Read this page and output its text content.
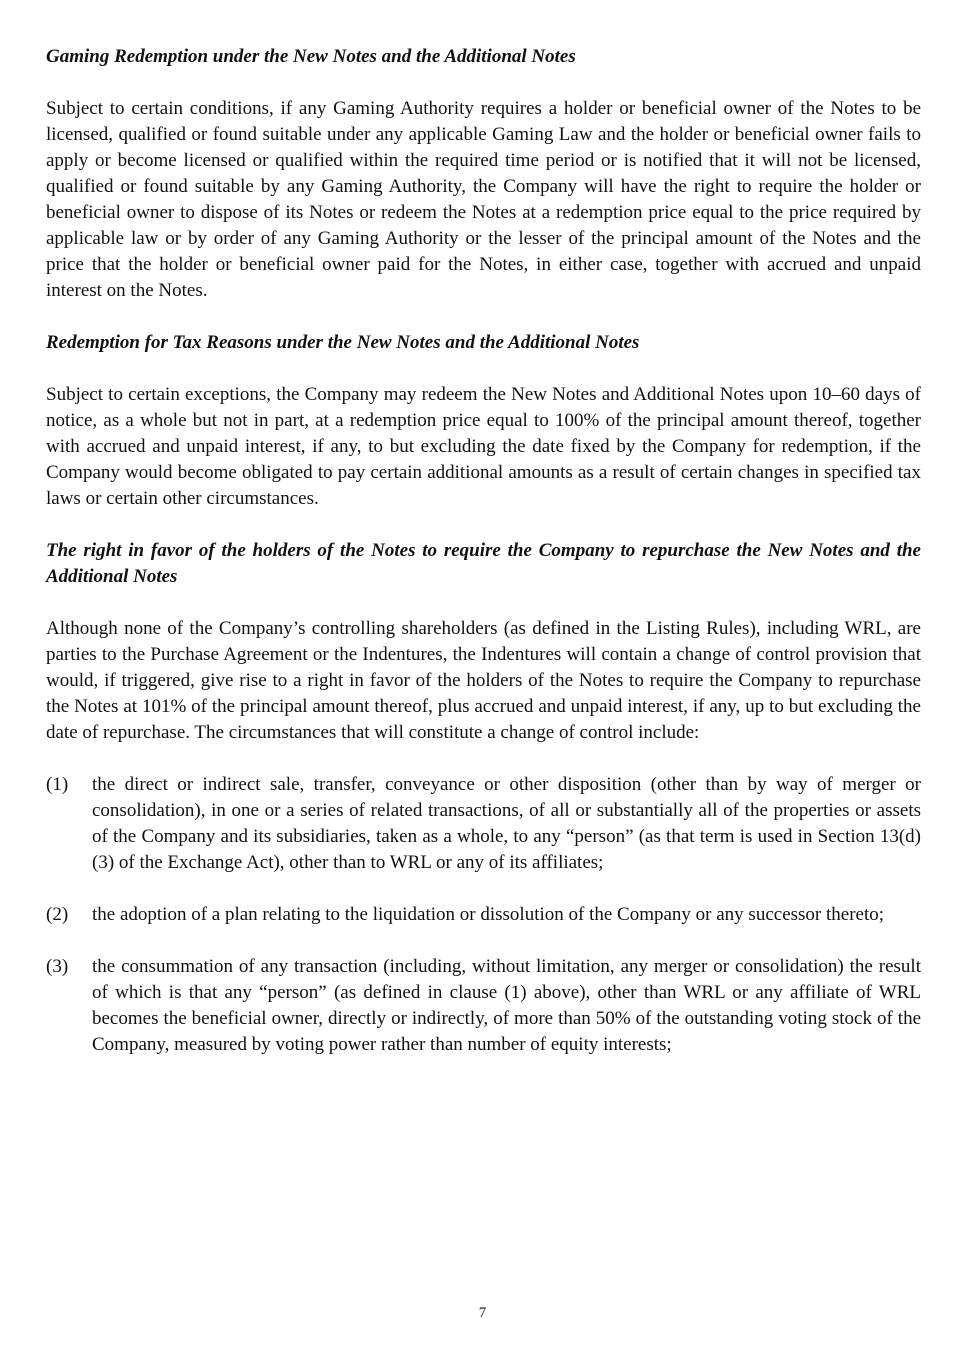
Gaming Redemption under the New Notes and the Additional Notes

Subject to certain conditions, if any Gaming Authority requires a holder or beneficial owner of the Notes to be licensed, qualified or found suitable under any applicable Gaming Law and the holder or beneficial owner fails to apply or become licensed or qualified within the required time period or is notified that it will not be licensed, qualified or found suitable by any Gaming Authority, the Company will have the right to require the holder or beneficial owner to dispose of its Notes or redeem the Notes at a redemption price equal to the price required by applicable law or by order of any Gaming Authority or the lesser of the principal amount of the Notes and the price that the holder or beneficial owner paid for the Notes, in either case, together with accrued and unpaid interest on the Notes.

Redemption for Tax Reasons under the New Notes and the Additional Notes

Subject to certain exceptions, the Company may redeem the New Notes and Additional Notes upon 10–60 days of notice, as a whole but not in part, at a redemption price equal to 100% of the principal amount thereof, together with accrued and unpaid interest, if any, to but excluding the date fixed by the Company for redemption, if the Company would become obligated to pay certain additional amounts as a result of certain changes in specified tax laws or certain other circumstances.

The right in favor of the holders of the Notes to require the Company to repurchase the New Notes and the Additional Notes

Although none of the Company’s controlling shareholders (as defined in the Listing Rules), including WRL, are parties to the Purchase Agreement or the Indentures, the Indentures will contain a change of control provision that would, if triggered, give rise to a right in favor of the holders of the Notes to require the Company to repurchase the Notes at 101% of the principal amount thereof, plus accrued and unpaid interest, if any, up to but excluding the date of repurchase. The circumstances that will constitute a change of control include:

(1)	the direct or indirect sale, transfer, conveyance or other disposition (other than by way of merger or consolidation), in one or a series of related transactions, of all or substantially all of the properties or assets of the Company and its subsidiaries, taken as a whole, to any “person” (as that term is used in Section 13(d)(3) of the Exchange Act), other than to WRL or any of its affiliates;
(2)	the adoption of a plan relating to the liquidation or dissolution of the Company or any successor thereto;
(3)	the consummation of any transaction (including, without limitation, any merger or consolidation) the result of which is that any “person” (as defined in clause (1) above), other than WRL or any affiliate of WRL becomes the beneficial owner, directly or indirectly, of more than 50% of the outstanding voting stock of the Company, measured by voting power rather than number of equity interests;
7
